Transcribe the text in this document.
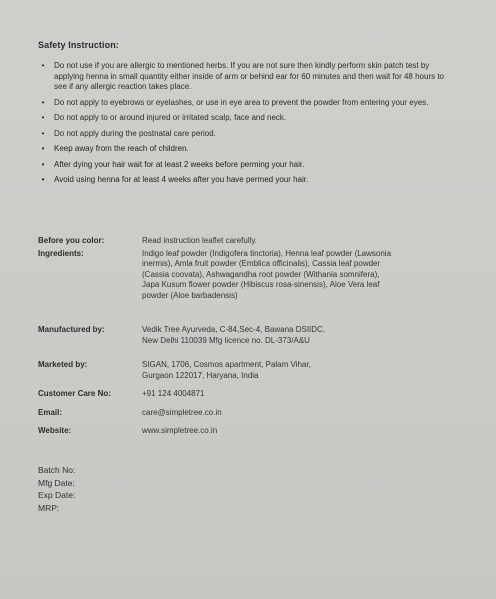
Safety Instruction:
•	Do not use if you are allergic to mentioned herbs. If you are not sure then kindly perform skin patch test by applying henna in small quantity either inside of arm or behind ear for 60 minutes and then wait for 48 hours to see if any allergic reaction takes place.
•	Do not apply to eyebrows or eyelashes, or use in eye area to prevent the powder from entering your eyes.
•	Do not apply to or around injured or irritated scalp, face and neck.
•	Do not apply during the postnatal care period.
•	Keep away from the reach of children.
•	After dying your hair wait for at least 2 weeks before perming your hair.
•	Avoid using henna for at least 4 weeks after you have permed your hair.
Before you color:	Read instruction leaflet carefully.
Ingredients:	Indigo leaf powder (Indigofera tinctoria), Henna leaf powder (Lawsonia
inermis), Amla fruit powder (Emblica officinalis), Cassia leaf powder
(Cassia coovata), Ashwagandha root powder (Withania somnifera),
Japa Kusum flower powder (Hibiscus rosa-sinensis), Aloe Vera leaf
powder (Aloe barbadensis)
Manufactured by:	Vedik Tree Ayurveda, C-84,Sec-4, Bawana DSIIDC,
New Delhi 110039 Mfg licence no. DL-373/A&U
Marketed by:	SIGAN, 1706, Cosmos apartment, Palam Vihar,
Gurgaon 122017, Haryana, India
Customer Care No:	+91 124 4004871
Email:	care@simpletree.co.in
Website:	www.simpletree.co.in
Batch No:
Mfg Date:
Exp Date:
MRP:
